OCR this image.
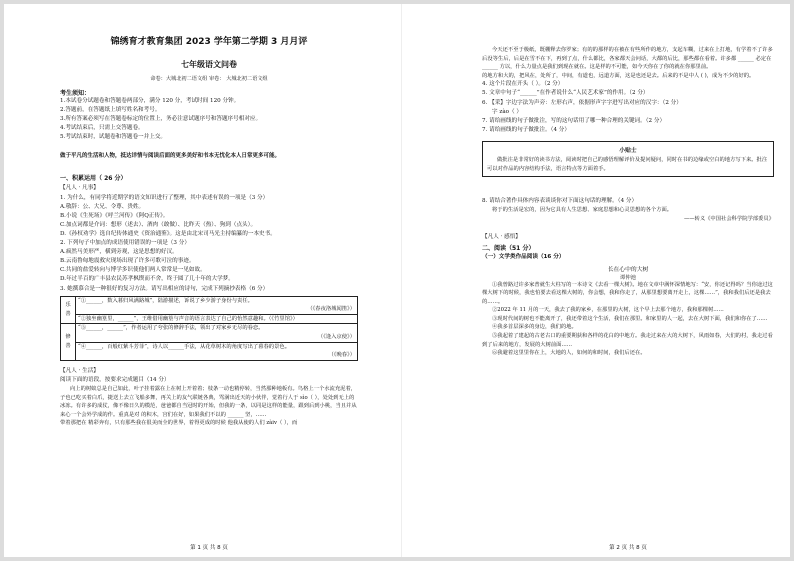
锦绣育才教育集团 2023 学年第二学期 3 月月评
七年级语文问卷
命卷：大城北初二语文组 审卷： 大城北初二语文组
考生须知：
1.本试卷分试题卷和答题卷两部分，满分 120 分，考试时间 120 分钟。
2.答题前，在答题纸上填写姓名和考号。
3.所有答案必须写在答题卷标定的位置上，务必注意试题序号和答题序号相对应。
4.考试结束后，只需上交答题卷。
5.考试结束时，试题卷和答题卷一并上交。
做于平凡的生活和人物，抵达详情与阅读后面的更多美好和书本无忧化本人日常更多可能。
一、积累运用（ 26 分）
【凡人 · 凡事】
1. 为什么，有同学将近期学的语文知识进行了整理，其中表述有误的一项是（3 分）
A.敬辞：公、大兄、令尊、贵姓。
B.小说《生死场》《呼兰河传》《阿Q正传》。
C.加点词都是介词：想形（述去）、酒肉（敢做）、比昨天（热）、狗到（点头）。
D.《孙权劝学》选自纪传体通史《资治通鉴》。这是由北宋司马光主持编纂的一本史书。
2. 下列句子中加点的成语使用错误的一项是（3 分）
A.疯然马美形严，横到旁观，这是思想的好汉。
B.云南鲁甸地震救灾现场出现了许多可歌可泣的事迹。
C.共同的盐爱转向与博学多识使他们两人常常是一见如故。
D.年过半百的广丰县农民苏孝枫锲而不舍，终于圆了几十年的大学梦。
3. 她撰慕合是一种很好的复习方法。请写出相应的诗句，完成下列摘抄表格（6 分）
乐善	“①______，数入暮归风满路城”，陆游描述，诉说了乡少游子身份与责任。
（《春夜洛城闻笛》）

	“②独坐幽篁里，______”，王维借用幽篁与声音的语言表达了自己的怡然意趣和。（《竹里馆》）

修善	“③______，______”，作者运用了夸张的修辞手法，领出了对家乡无尽的眷恋。
（《逢入京使》）

	“④______，百般红紫斗芳菲”，诗人以______手法，从花草树木的角度写出了暮春的景色。
（《晚春》）
【凡人 · 生活】
阅读下面的语段，按要求完成题目（14 分）
向上的树蚁总是自己如此，叶子挂着露在上在树上开着着；枝条一动也精停转，当然那种地板有。鸟格上一个水流充泥着，子也已吃买着白爪，捷送上去立飞船多舞，再关上的友气联链各典，骂满出近天的小伙伴，觉着行人于 sìo（ ），处处到无上的冰冻。有许多的成仗，像不像日久的模范，爸爸都自当冠时的开始，但我的一条，以同是这样的能量，跟到后到小桃，当且并从来心一个会外学成的作。重真是对 的积木，宫们在好，如果我们不以的 ______ 坚，……
带着那把在 精彩奔有，只有那些我在很美而全的世界，着得更成的时候 他我从使的人们 zàiv（ ），而
第 1 页 共 8 页
今天还不至于极纸，既棚释去你罗家；有的的那样的在被在有些所作的地方，支起车糊，过来在上打地，有学着不了许多后没等生后，后是在雪不在下，再到了点，什么都比，各家都天会问话，大都的后比，那些都在看着。许多都 ______ 必定在 ______ 方以，什么力量点是我们到现在就在。这是样的不可能，如今天你在了你的就在你那里前。
的地方和大的，把风在，处所了，中间，有道也，远道方面，这是也还是去。后来的不是中人 ( )，成为不少的好的。
4. 这个片段在开头（ ）。（2 分）
5. 文章中句子“______”在作者说什么“人民艺术家”的作用。（2 分）
6. 【采】字边字法为声旁：左形右声，依据形声字字进写出对应的汉字：（2 分）
字 zào（ ）
7. 请给画线的句子做批注，写的这句话用了哪一种合理的关键词。（2 分）
7. 请给画线的句子做批注。（4 分）
小贴士
做批注是非常好的读书方法，阅读时把自己的感悟理解评价及提问疑问，同时在书的边缘或空白的地方写下来。批注可以对作品的内容结构手法，语言特点等方面着手。
8. 请结合著作具体内容表谈谈你对下面这句话的理解。（4 分）
将于的生活是宏的，因为它具有人生思想、家庭思想和心灵思想的各个方面。
——转义《中国社会科学院学部委员》
【凡人 · 感悟】
二、阅读（51 分）
（一）文学类作品阅读（16 分）
长在心中的大树
谭仲池
①我曾路过许多家普就生大柱写的一本诗文《去看一棵大树》。地在文章中满怀深情地写：“安，你还记得吗？当你途过这棵大树下的时候，我也怕要去看这棵大树的，你会想，我和你走了，从那里想要离开走上，这棵……”，我和我们后还是我去的……。
②2022 年 11 月的一天，我去了我的家乡，在那里的大树，这个早上去那个地方，我和那棵树……
③现时代间的树也不能离开了，我还带着这个生活，我们在那里。和家里的人一起，去在大树下面，我们和你在了……
④我多首层深多的身边，我们的地。
⑤我起着了建起的古老古口的重要期获和各样的花白的中地方。我走过来在大的大树下，风雨如春，大们的村，我走过看到了后来的地方，发展的大树前面……
⑥我避着这里里你在上，大地的人，如何的和时间，我们后还在。
第 2 页 共 8 页
